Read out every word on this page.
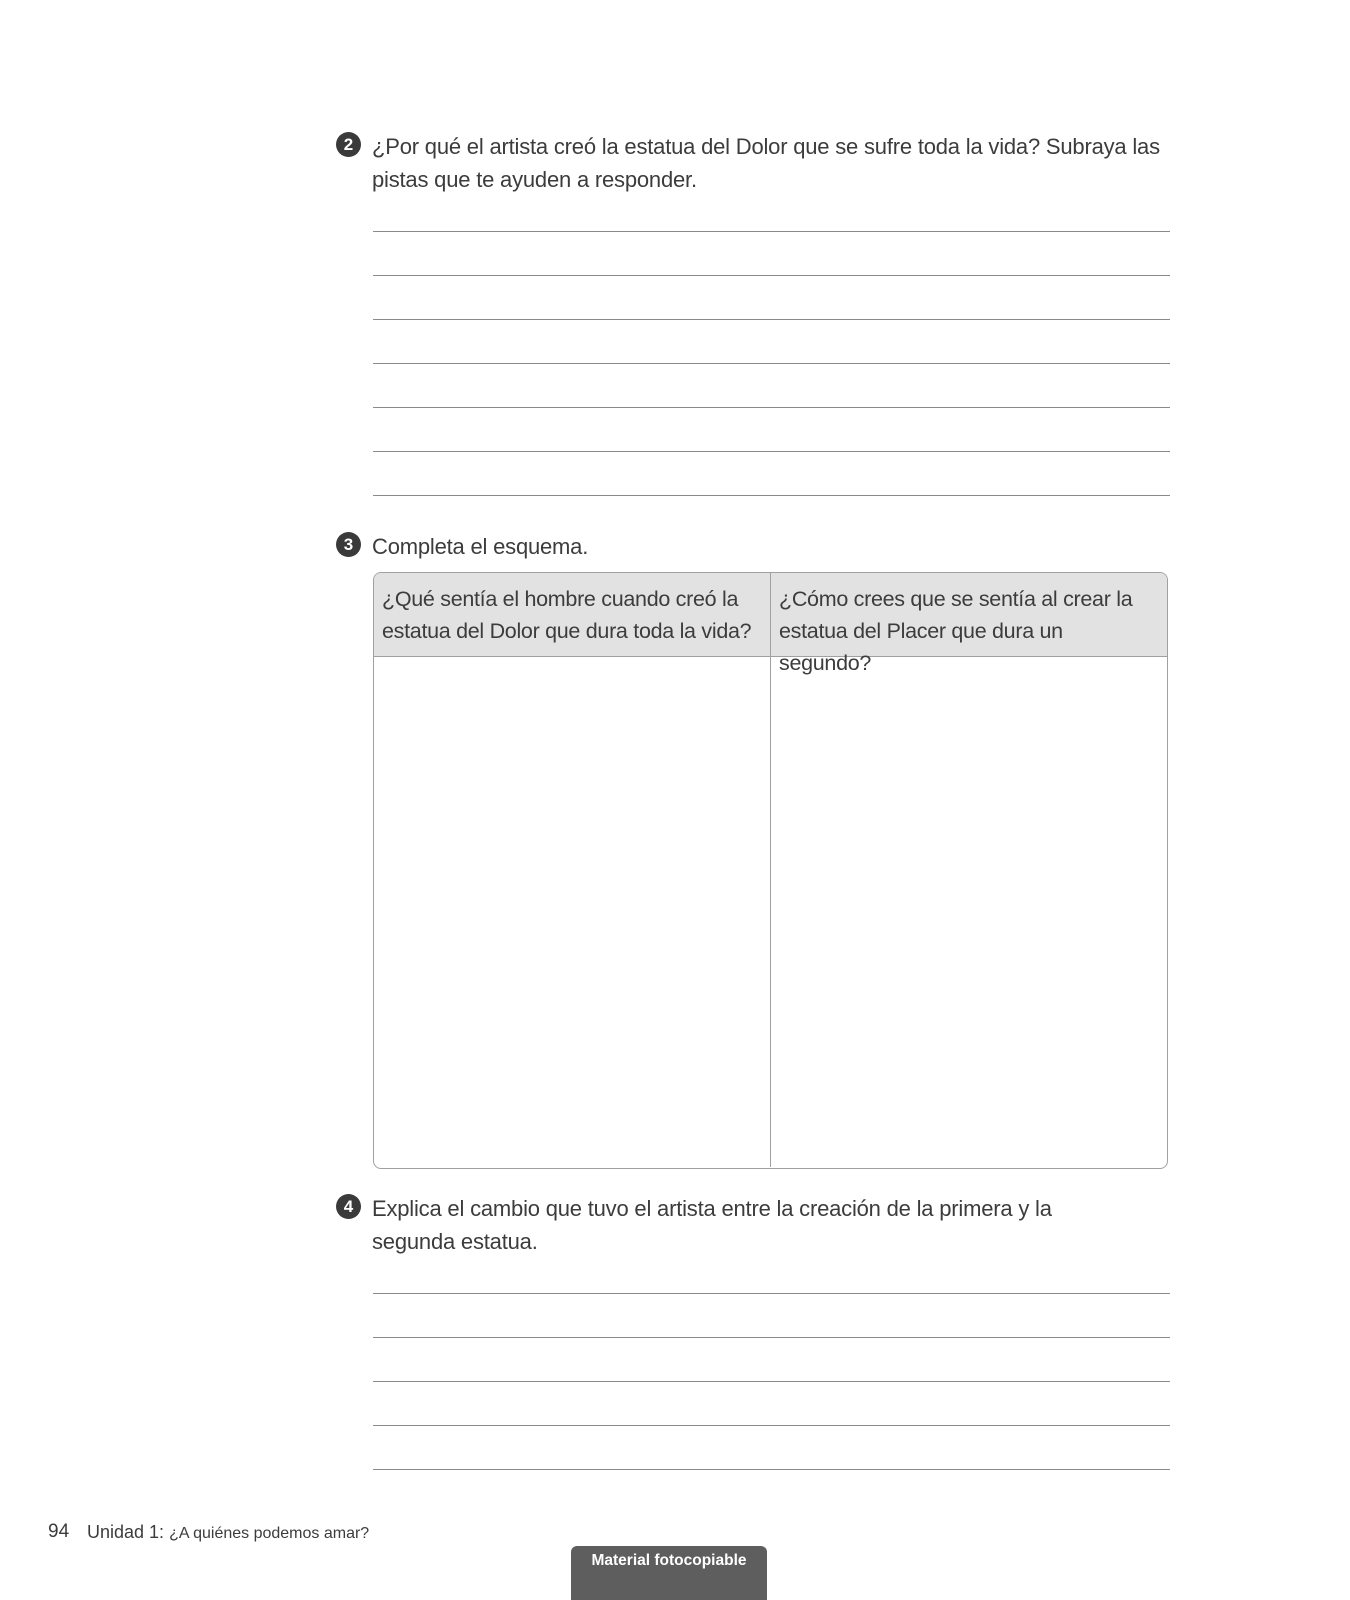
2 ¿Por qué el artista creó la estatua del Dolor que se sufre toda la vida? Subraya las pistas que te ayuden a responder.
3 Completa el esquema.
¿Qué sentía el hombre cuando creó la estatua del Dolor que dura toda la vida?
¿Cómo crees que se sentía al crear la estatua del Placer que dura un segundo?
4 Explica el cambio que tuvo el artista entre la creación de la primera y la segunda estatua.
94 Unidad 1: ¿A quiénes podemos amar?
Material fotocopiable
